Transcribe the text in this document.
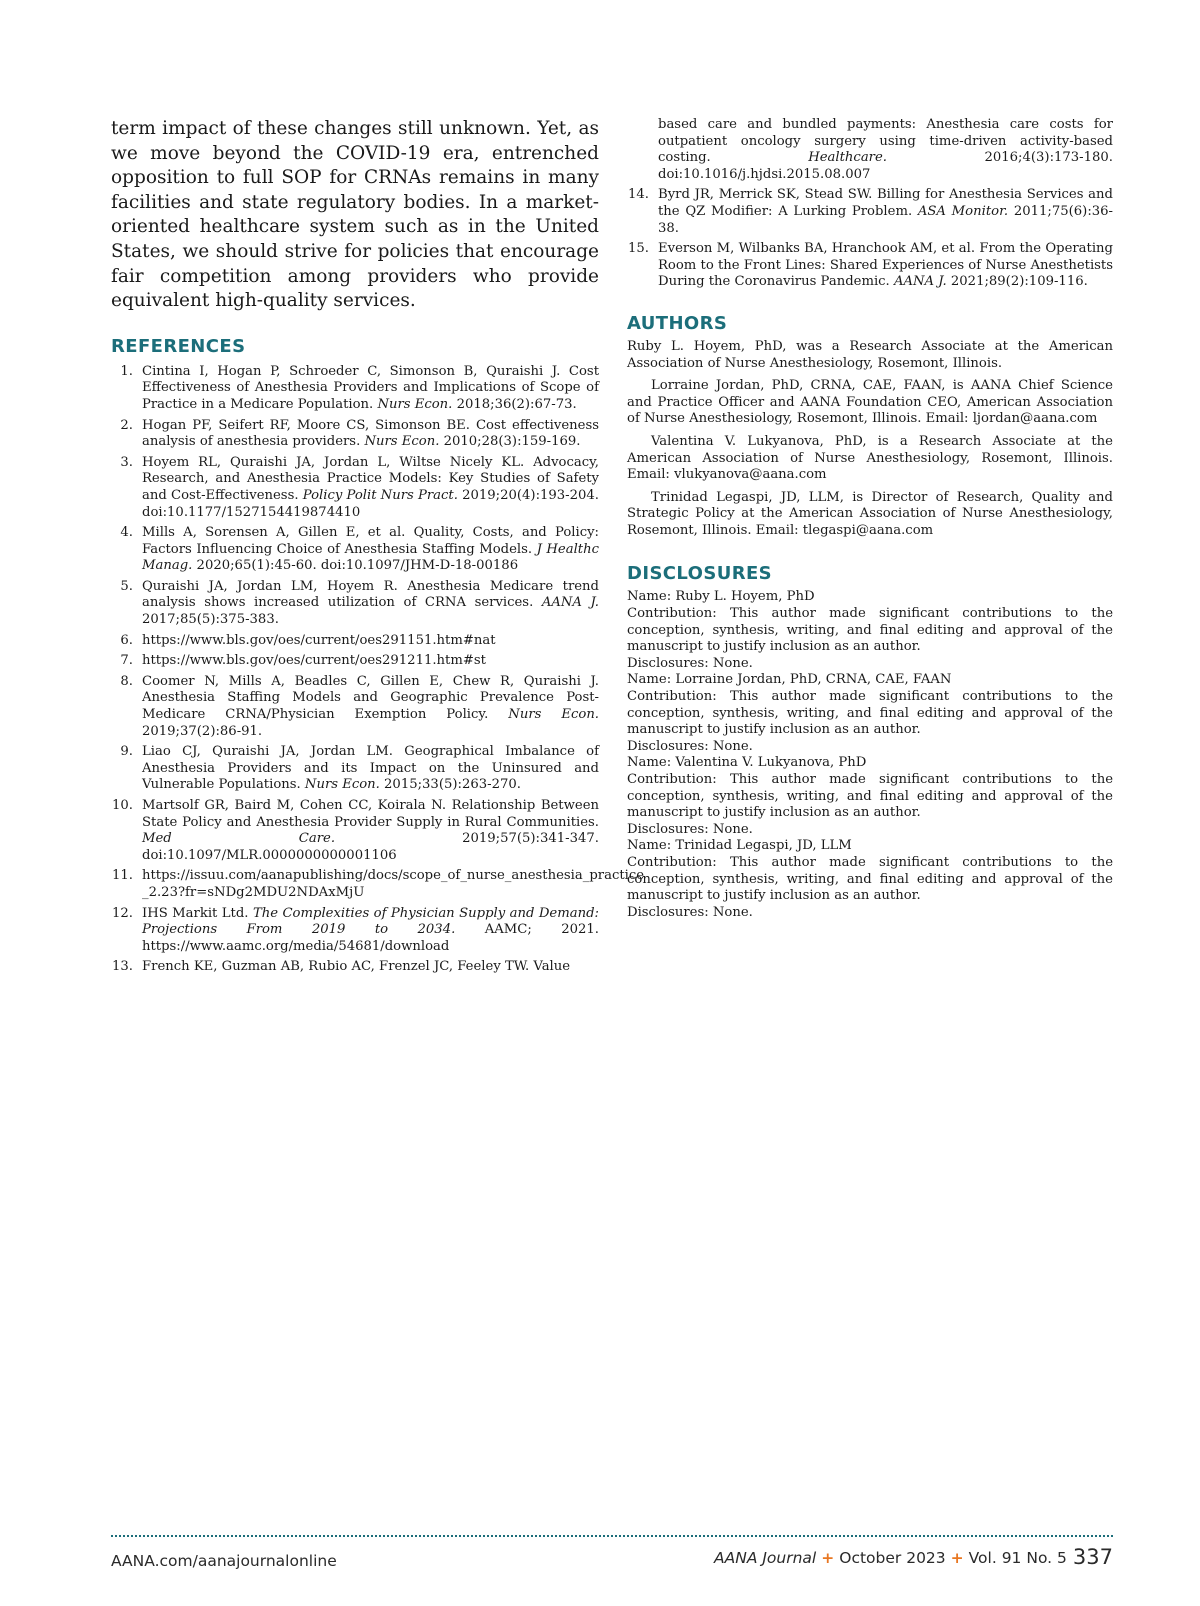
term impact of these changes still unknown. Yet, as we move beyond the COVID-19 era, entrenched opposition to full SOP for CRNAs remains in many facilities and state regulatory bodies. In a market-oriented healthcare system such as in the United States, we should strive for policies that encourage fair competition among providers who provide equivalent high-quality services.

REFERENCES
1. Cintina I, Hogan P, Schroeder C, Simonson B, Quraishi J. Cost Effectiveness of Anesthesia Providers and Implications of Scope of Practice in a Medicare Population. Nurs Econ. 2018;36(2):67-73.
2. Hogan PF, Seifert RF, Moore CS, Simonson BE. Cost effectiveness analysis of anesthesia providers. Nurs Econ. 2010;28(3):159-169.
3. Hoyem RL, Quraishi JA, Jordan L, Wiltse Nicely KL. Advocacy, Research, and Anesthesia Practice Models: Key Studies of Safety and Cost-Effectiveness. Policy Polit Nurs Pract. 2019;20(4):193-204. doi:10.1177/1527154419874410
4. Mills A, Sorensen A, Gillen E, et al. Quality, Costs, and Policy: Factors Influencing Choice of Anesthesia Staffing Models. J Healthc Manag. 2020;65(1):45-60. doi:10.1097/JHM-D-18-00186
5. Quraishi JA, Jordan LM, Hoyem R. Anesthesia Medicare trend analysis shows increased utilization of CRNA services. AANA J. 2017;85(5):375-383.
6. https://www.bls.gov/oes/current/oes291151.htm#nat
7. https://www.bls.gov/oes/current/oes291211.htm#st
8. Coomer N, Mills A, Beadles C, Gillen E, Chew R, Quraishi J. Anesthesia Staffing Models and Geographic Prevalence Post-Medicare CRNA/Physician Exemption Policy. Nurs Econ. 2019;37(2):86-91.
9. Liao CJ, Quraishi JA, Jordan LM. Geographical Imbalance of Anesthesia Providers and its Impact on the Uninsured and Vulnerable Populations. Nurs Econ. 2015;33(5):263-270.
10. Martsolf GR, Baird M, Cohen CC, Koirala N. Relationship Between State Policy and Anesthesia Provider Supply in Rural Communities. Med Care. 2019;57(5):341-347. doi:10.1097/MLR.0000000000001106
11. https://issuu.com/aanapublishing/docs/scope_of_nurse_anesthesia_practice _2.23?fr=sNDg2MDU2NDAxMjU
12. IHS Markit Ltd. The Complexities of Physician Supply and Demand: Projections From 2019 to 2034. AAMC; 2021. https://www.aamc.org/media/54681/download
13. French KE, Guzman AB, Rubio AC, Frenzel JC, Feeley TW. Value
based care and bundled payments: Anesthesia care costs for outpatient oncology surgery using time-driven activity-based costing. Healthcare. 2016;4(3):173-180. doi:10.1016/j.hjdsi.2015.08.007
14. Byrd JR, Merrick SK, Stead SW. Billing for Anesthesia Services and the QZ Modifier: A Lurking Problem. ASA Monitor. 2011;75(6):36-38.
15. Everson M, Wilbanks BA, Hranchook AM, et al. From the Operating Room to the Front Lines: Shared Experiences of Nurse Anesthetists During the Coronavirus Pandemic. AANA J. 2021;89(2):109-116.
AUTHORS

Ruby L. Hoyem, PhD, was a Research Associate at the American Association of Nurse Anesthesiology, Rosemont, Illinois.

Lorraine Jordan, PhD, CRNA, CAE, FAAN, is AANA Chief Science and Practice Officer and AANA Foundation CEO, American Association of Nurse Anesthesiology, Rosemont, Illinois. Email: ljordan@aana.com

Valentina V. Lukyanova, PhD, is a Research Associate at the American Association of Nurse Anesthesiology, Rosemont, Illinois. Email: vlukyanova@aana.com

Trinidad Legaspi, JD, LLM, is Director of Research, Quality and Strategic Policy at the American Association of Nurse Anesthesiology, Rosemont, Illinois. Email: tlegaspi@aana.com

DISCLOSURES

Name: Ruby L. Hoyem, PhD

Contribution: This author made significant contributions to the conception, synthesis, writing, and final editing and approval of the manuscript to justify inclusion as an author.

Disclosures: None.

Name: Lorraine Jordan, PhD, CRNA, CAE, FAAN

Contribution: This author made significant contributions to the conception, synthesis, writing, and final editing and approval of the manuscript to justify inclusion as an author.

Disclosures: None.

Name: Valentina V. Lukyanova, PhD

Contribution: This author made significant contributions to the conception, synthesis, writing, and final editing and approval of the manuscript to justify inclusion as an author.

Disclosures: None.

Name: Trinidad Legaspi, JD, LLM

Contribution: This author made significant contributions to the conception, synthesis, writing, and final editing and approval of the manuscript to justify inclusion as an author.

Disclosures: None.

AANA.com/aanajournalonline	AANA Journal + October 2023 + Vol. 91 No. 5 337
